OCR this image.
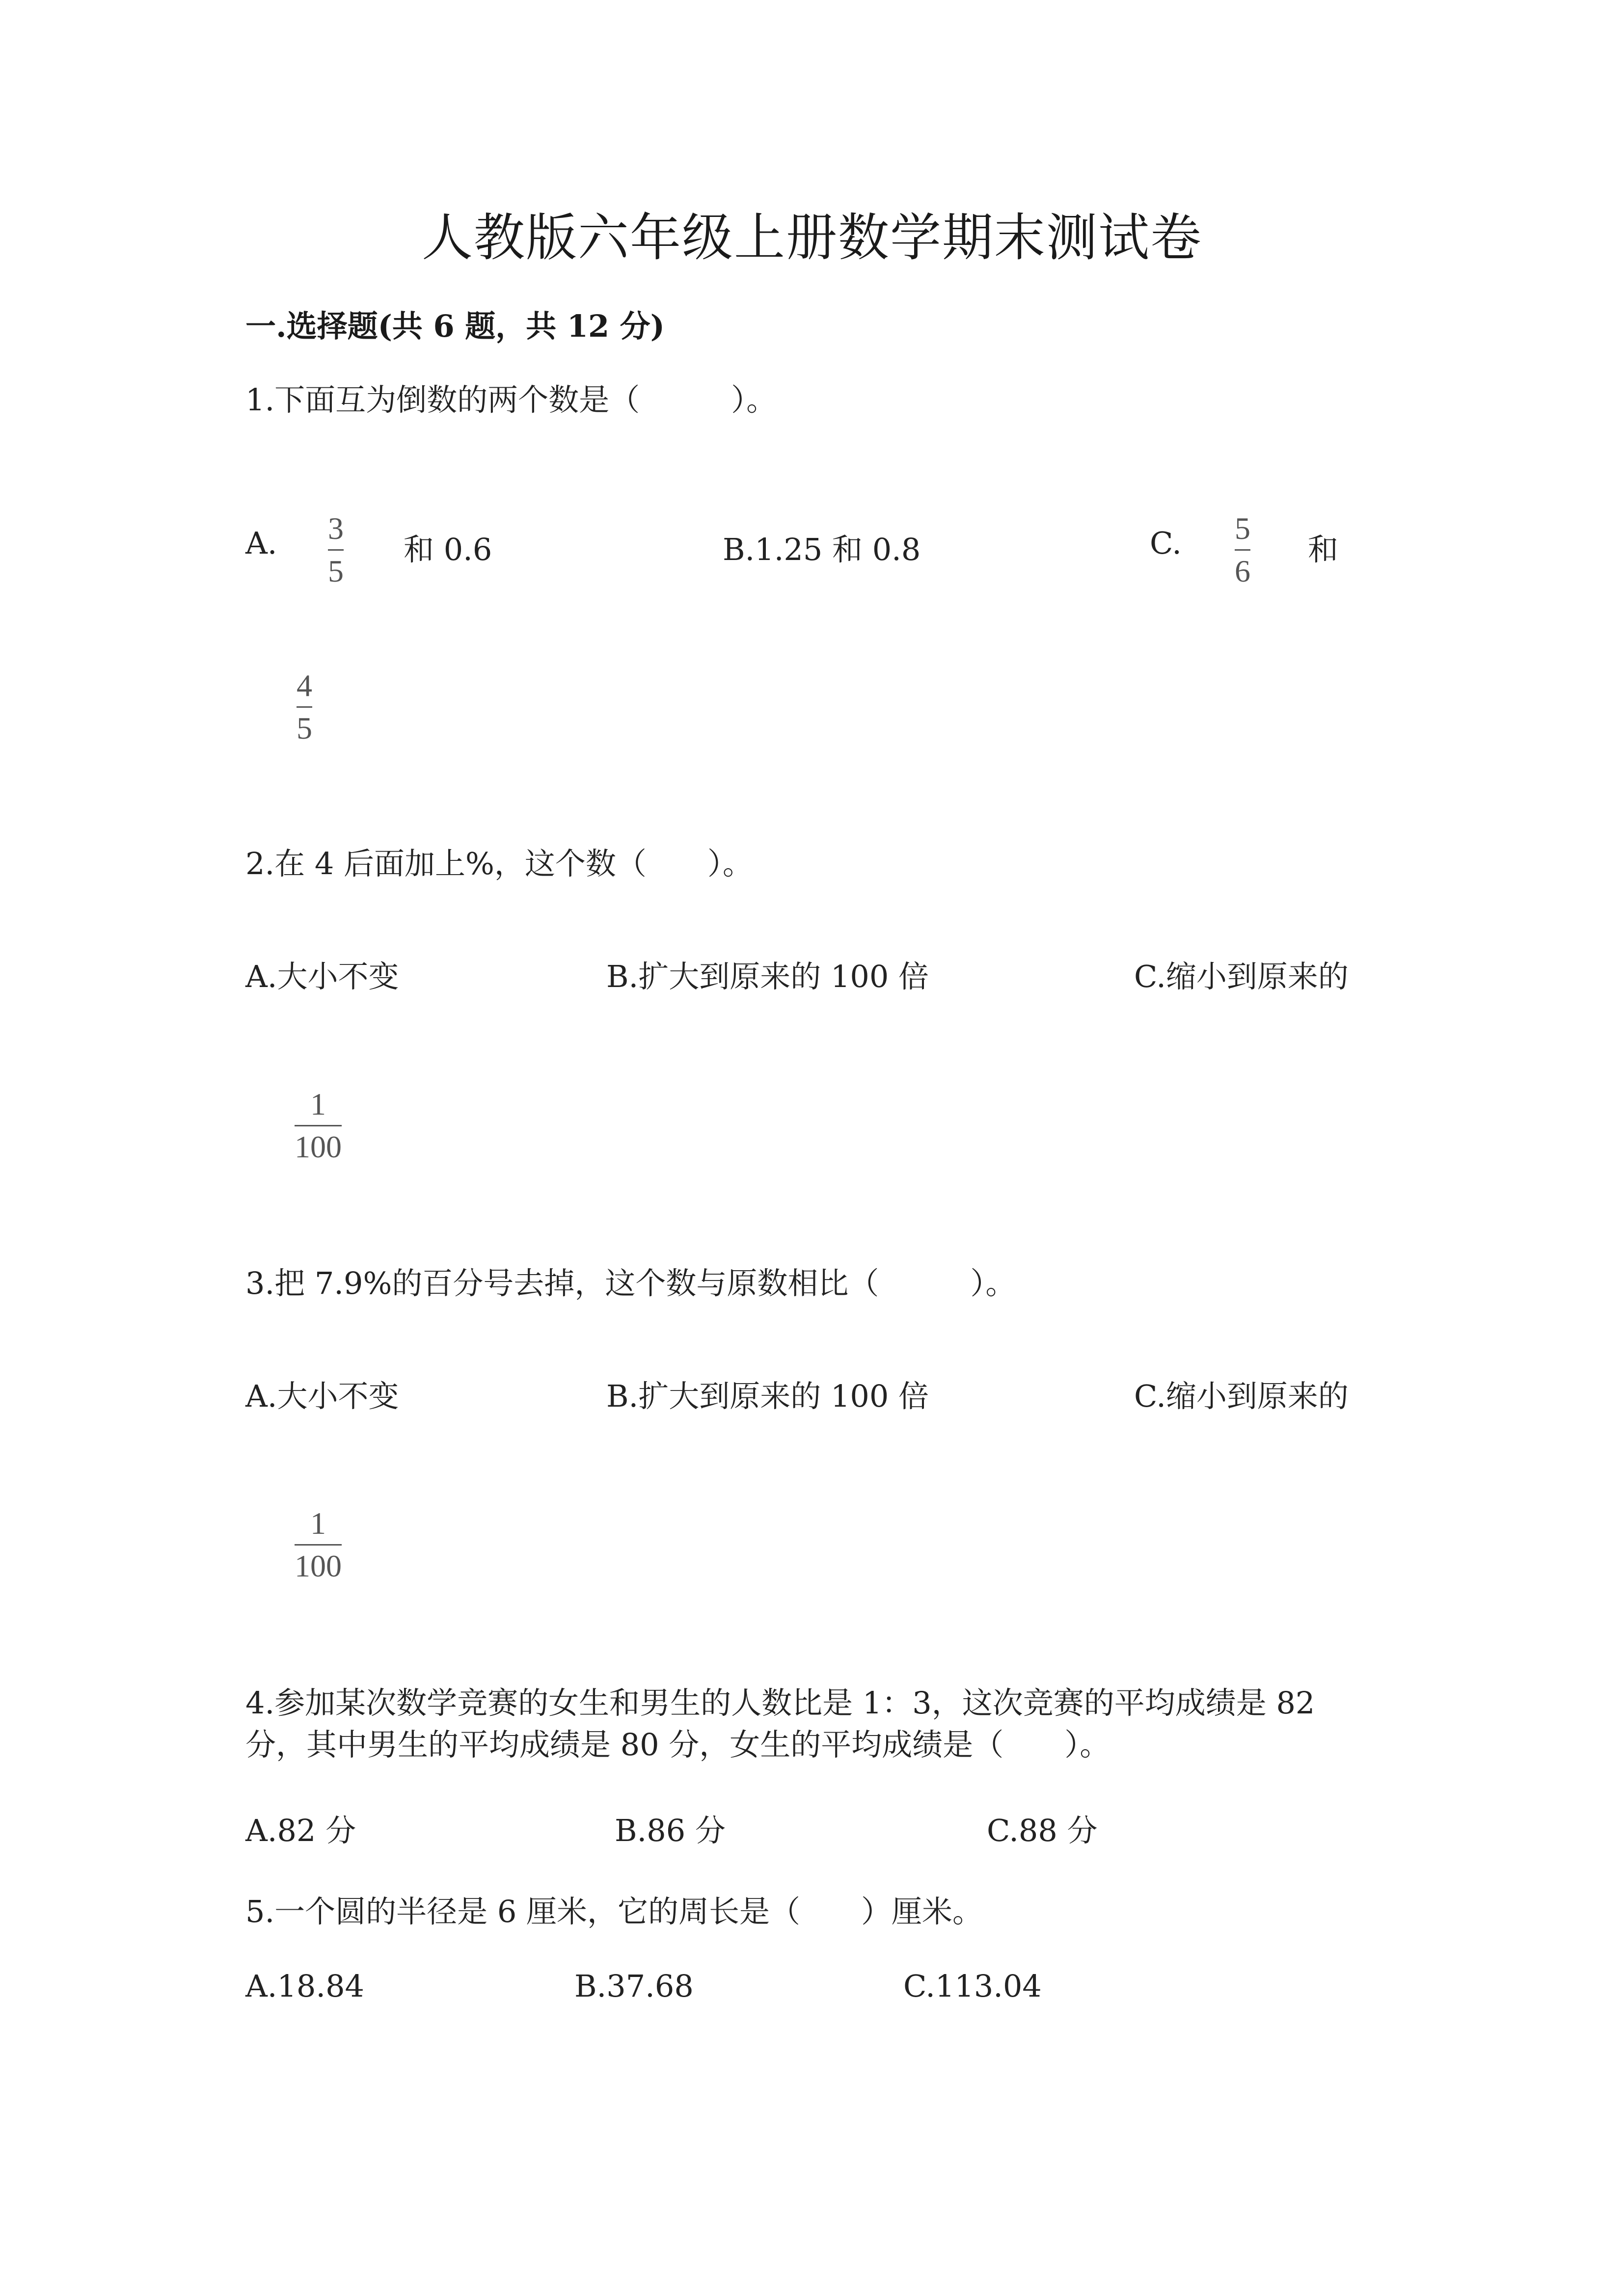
人教版六年级上册数学期末测试卷
一.选择题(共 6 题，共 12 分)
1.下面互为倒数的两个数是（　　　）。
A. 3
5
和 0.6	B.1.25 和 0.8	C. 5
6
和
4
5
2.在 4 后面加上%，这个数（　　）。
A.大小不变	B.扩大到原来的 100 倍	C.缩小到原来的
1
100
3.把 7.9%的百分号去掉，这个数与原数相比（　　　）。
A.大小不变	B.扩大到原来的 100 倍	C.缩小到原来的
1
100
4.参加某次数学竞赛的女生和男生的人数比是 1：3，这次竞赛的平均成绩是 82
分，其中男生的平均成绩是 80 分，女生的平均成绩是（　　）。
A.82 分	B.86 分	C.88 分
5.一个圆的半径是 6 厘米，它的周长是（　　）厘米。
A.18.84	B.37.68	C.113.04
